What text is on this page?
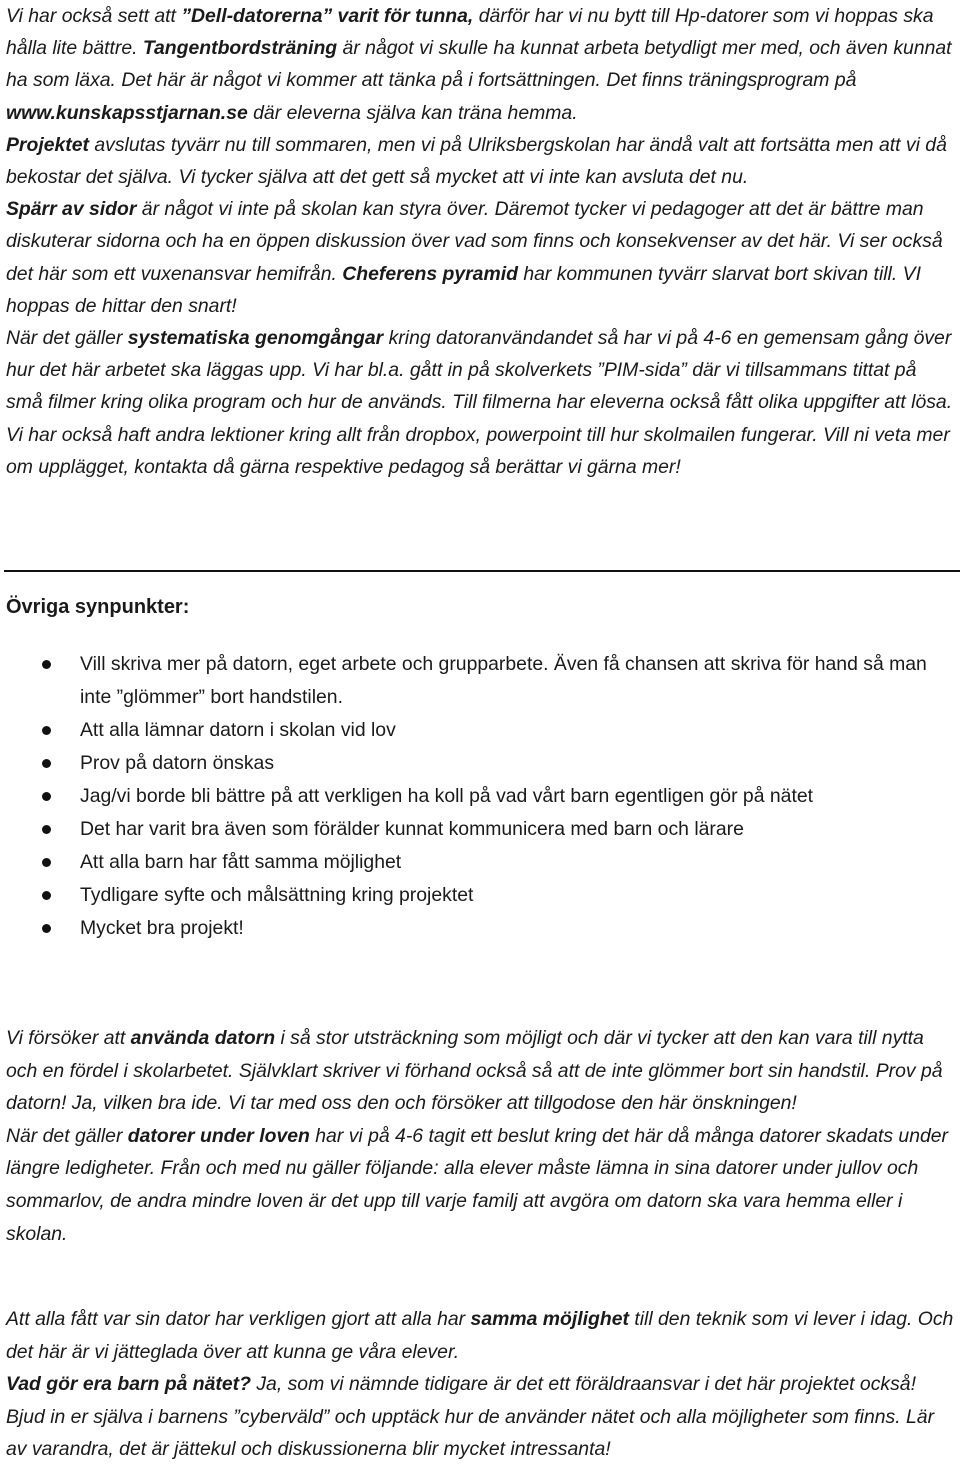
Vi har också sett att ”Dell-datorerna” varit för tunna, därför har vi nu bytt till Hp-datorer som vi hoppas ska hålla lite bättre. Tangentbordsträning är något vi skulle ha kunnat arbeta betydligt mer med, och även kunnat ha som läxa. Det här är något vi kommer att tänka på i fortsättningen. Det finns träningsprogram på www.kunskapsstjarnan.se där eleverna själva kan träna hemma.

Projektet avslutas tyvärr nu till sommaren, men vi på Ulriksbergskolan har ändå valt att fortsätta men att vi då bekostar det själva. Vi tycker själva att det gett så mycket att vi inte kan avsluta det nu.

Spärr av sidor är något vi inte på skolan kan styra över. Däremot tycker vi pedagoger att det är bättre man diskuterar sidorna och ha en öppen diskussion över vad som finns och konsekvenser av det här. Vi ser också det här som ett vuxenansvar hemifrån. Cheferens pyramid har kommunen tyvärr slarvat bort skivan till. VI hoppas de hittar den snart!

När det gäller systematiska genomgångar kring datoranvändandet så har vi på 4-6 en gemensam gång över hur det här arbetet ska läggas upp. Vi har bl.a. gått in på skolverkets ”PIM-sida” där vi tillsammans tittat på små filmer kring olika program och hur de används. Till filmerna har eleverna också fått olika uppgifter att lösa. Vi har också haft andra lektioner kring allt från dropbox, powerpoint till hur skolmailen fungerar. Vill ni veta mer om upplägget, kontakta då gärna respektive pedagog så berättar vi gärna mer!

Övriga synpunkter:
Vill skriva mer på datorn, eget arbete och grupparbete. Även få chansen att skriva för hand så man inte ”glömmer” bort handstilen.
Att alla lämnar datorn i skolan vid lov
Prov på datorn önskas
Jag/vi borde bli bättre på att verkligen ha koll på vad vårt barn egentligen gör på nätet
Det har varit bra även som förälder kunnat kommunicera med barn och lärare
Att alla barn har fått samma möjlighet
Tydligare syfte och målsättning kring projektet
Mycket bra projekt!

Vi försöker att använda datorn i så stor utsträckning som möjligt och där vi tycker att den kan vara till nytta och en fördel i skolarbetet. Självklart skriver vi förhand också så att de inte glömmer bort sin handstil. Prov på datorn! Ja, vilken bra ide. Vi tar med oss den och försöker att tillgodose den här önskningen!

När det gäller datorer under loven har vi på 4-6 tagit ett beslut kring det här då många datorer skadats under längre ledigheter. Från och med nu gäller följande: alla elever måste lämna in sina datorer under jullov och sommarlov, de andra mindre loven är det upp till varje familj att avgöra om datorn ska vara hemma eller i skolan.

Att alla fått var sin dator har verkligen gjort att alla har samma möjlighet till den teknik som vi lever i idag. Och det här är vi jätteglada över att kunna ge våra elever.

Vad gör era barn på nätet? Ja, som vi nämnde tidigare är det ett föräldraansvar i det här projektet också! Bjud in er själva i barnens ”cyberväld” och upptäck hur de använder nätet och alla möjligheter som finns. Lär av varandra, det är jättekul och diskussionerna blir mycket intressanta!
